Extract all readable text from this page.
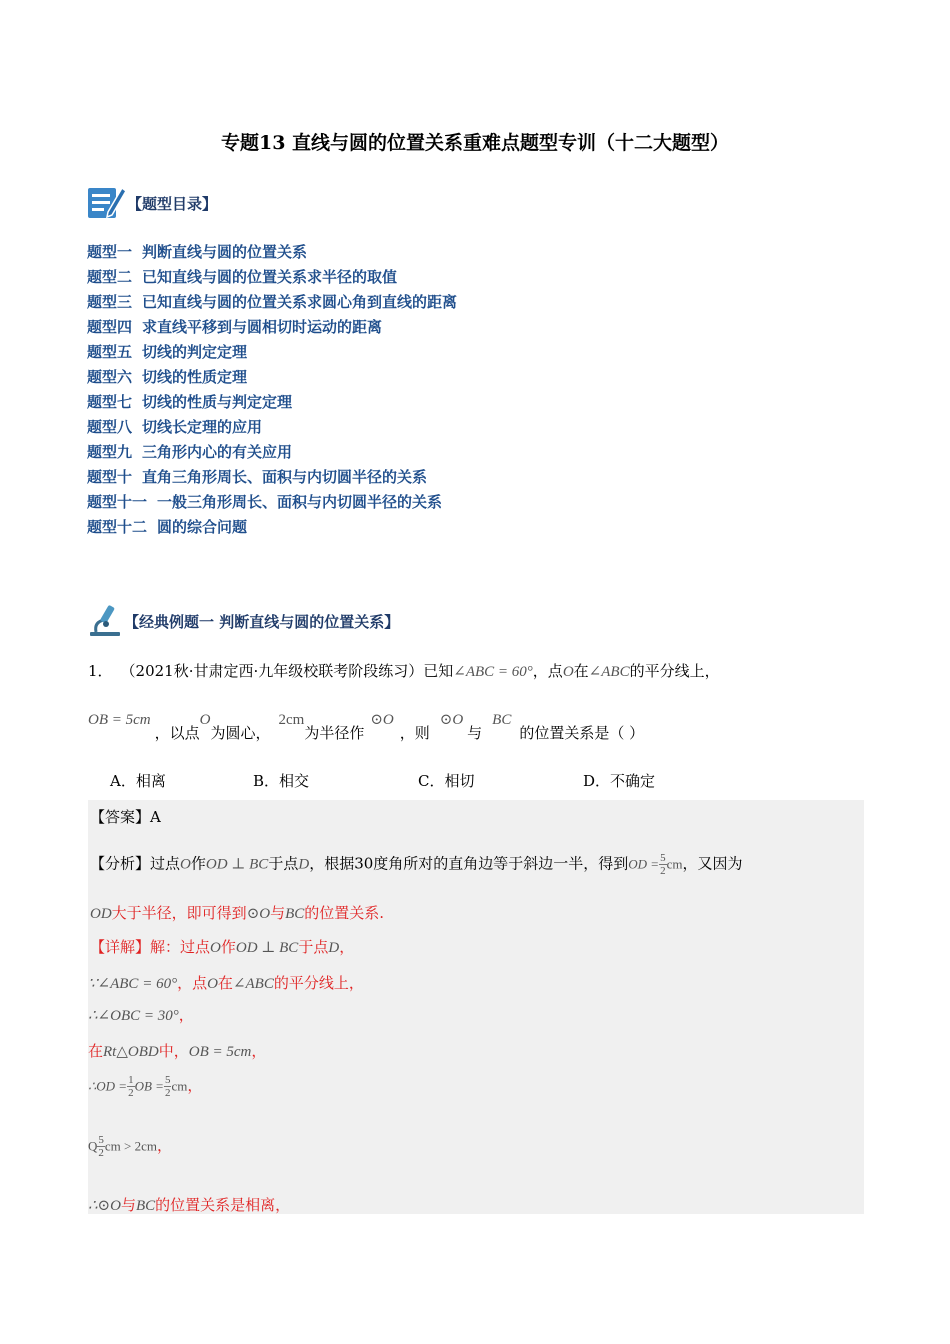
专题13 直线与圆的位置关系重难点题型专训（十二大题型）
【题型目录】
题型一 判断直线与圆的位置关系
题型二 已知直线与圆的位置关系求半径的取值
题型三 已知直线与圆的位置关系求圆心角到直线的距离
题型四 求直线平移到与圆相切时运动的距离
题型五 切线的判定定理
题型六 切线的性质定理
题型七 切线的性质与判定定理
题型八 切线长定理的应用
题型九 三角形内心的有关应用
题型十 直角三角形周长、面积与内切圆半径的关系
题型十一 一般三角形周长、面积与内切圆半径的关系
题型十二 圆的综合问题
【经典例题一 判断直线与圆的位置关系】
1． （2021秋·甘肃定西·九年级校联考阶段练习）已知∠ABC = 60°，点O在∠ABC的平分线上，
OB = 5cm，以点O为圆心，2cm为半径作⊙O，则⊙O与BC的位置关系是（ ）
A．相离	B．相交	C．相切	D．不确定
【答案】A
【分析】过点O作OD ⊥ BC于点D，根据30度角所对的直角边等于斜边一半，得到OD = $\frac{5}{2}$ cm，又因为
OD大于半径，即可得到⊙O与BC的位置关系.
【详解】解：过点O作OD ⊥ BC于点D，
∵∠ABC = 60°，点O在∠ABC的平分线上，
∴∠OBC = 30°，
在Rt△OBD中，OB = 5cm，
∴OD = $\frac{1}{2}$ OB = $\frac{5}{2}$ cm，
Q $\frac{5}{2}$ cm > 2cm，
∴⊙O与BC的位置关系是相离，
